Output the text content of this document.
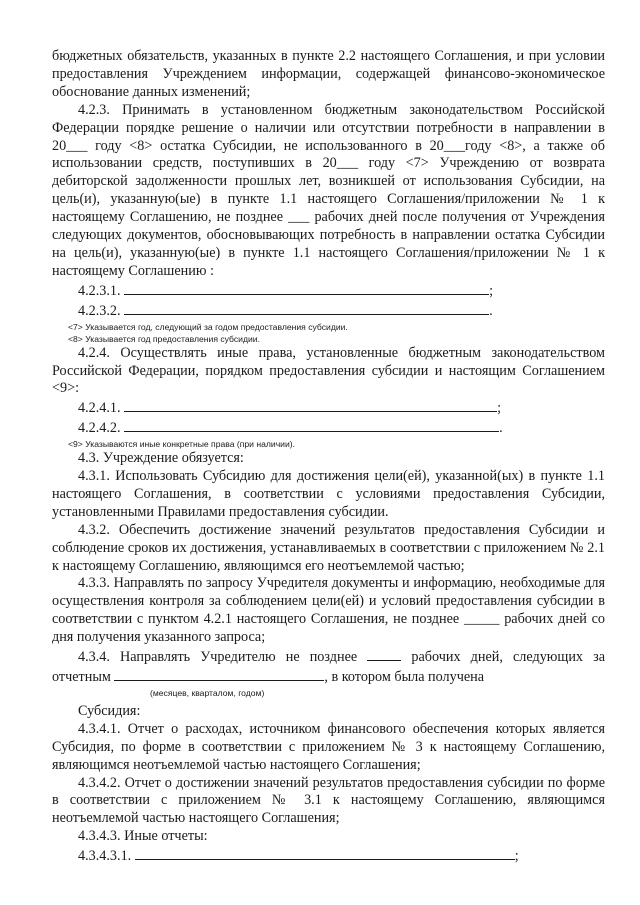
бюджетных обязательств, указанных в пункте 2.2 настоящего Соглашения, и при условии предоставления Учреждением информации, содержащей финансово-экономическое обоснование данных изменений;

4.2.3. Принимать в установленном бюджетным законодательством Российской Федерации порядке решение о наличии или отсутствии потребности в направлении в 20___ году <8> остатка Субсидии, не использованного в 20___году <8>, а также об использовании средств, поступивших в 20___ году <7> Учреждению от возврата дебиторской задолженности прошлых лет, возникшей от использования Субсидии, на цель(и), указанную(ые) в пункте 1.1 настоящего Соглашения/приложении № 1 к настоящему Соглашению, не позднее ___ рабочих дней после получения от Учреждения следующих документов, обосновывающих потребность в направлении остатка Субсидии на цель(и), указанную(ые) в пункте 1.1 настоящего Соглашения/приложении № 1 к настоящему Соглашению :

4.2.3.1.	;

4.2.3.2.	.

<7> Указывается год, следующий за годом предоставления субсидии.

<8> Указывается год предоставления субсидии.

4.2.4. Осуществлять иные права, установленные бюджетным законодательством Российской Федерации, порядком предоставления субсидии и настоящим Соглашением <9>:

4.2.4.1.	;

4.2.4.2.	.

<9> Указываются иные конкретные права (при наличии).

4.3. Учреждение обязуется:

4.3.1. Использовать Субсидию для достижения цели(ей), указанной(ых) в пункте 1.1 настоящего Соглашения, в соответствии с условиями предоставления Субсидии, установленными Правилами предоставления субсидии.

4.3.2. Обеспечить достижение значений результатов предоставления Субсидии и соблюдение сроков их достижения, устанавливаемых в соответствии с приложением № 2.1 к настоящему Соглашению, являющимся его неотъемлемой частью;

4.3.3. Направлять по запросу Учредителя документы и информацию, необходимые для осуществления контроля за соблюдением цели(ей) и условий предоставления субсидии в соответствии с пунктом 4.2.1 настоящего Соглашения, не позднее _____ рабочих дней со дня получения указанного запроса;

4.3.4. Направлять Учредителю не позднее	рабочих дней, следующих за отчетным	, в котором была получена

(месяцев, кварталом, годом)

Субсидия:

4.3.4.1. Отчет о расходах, источником финансового обеспечения которых является Субсидия, по форме в соответствии с приложением № 3 к настоящему Соглашению, являющимся неотъемлемой частью настоящего Соглашения;

4.3.4.2. Отчет о достижении значений результатов предоставления субсидии по форме в соответствии с приложением № 3.1 к настоящему Соглашению, являющимся неотъемлемой частью настоящего Соглашения;

4.3.4.3. Иные отчеты:

4.3.4.3.1.	;
